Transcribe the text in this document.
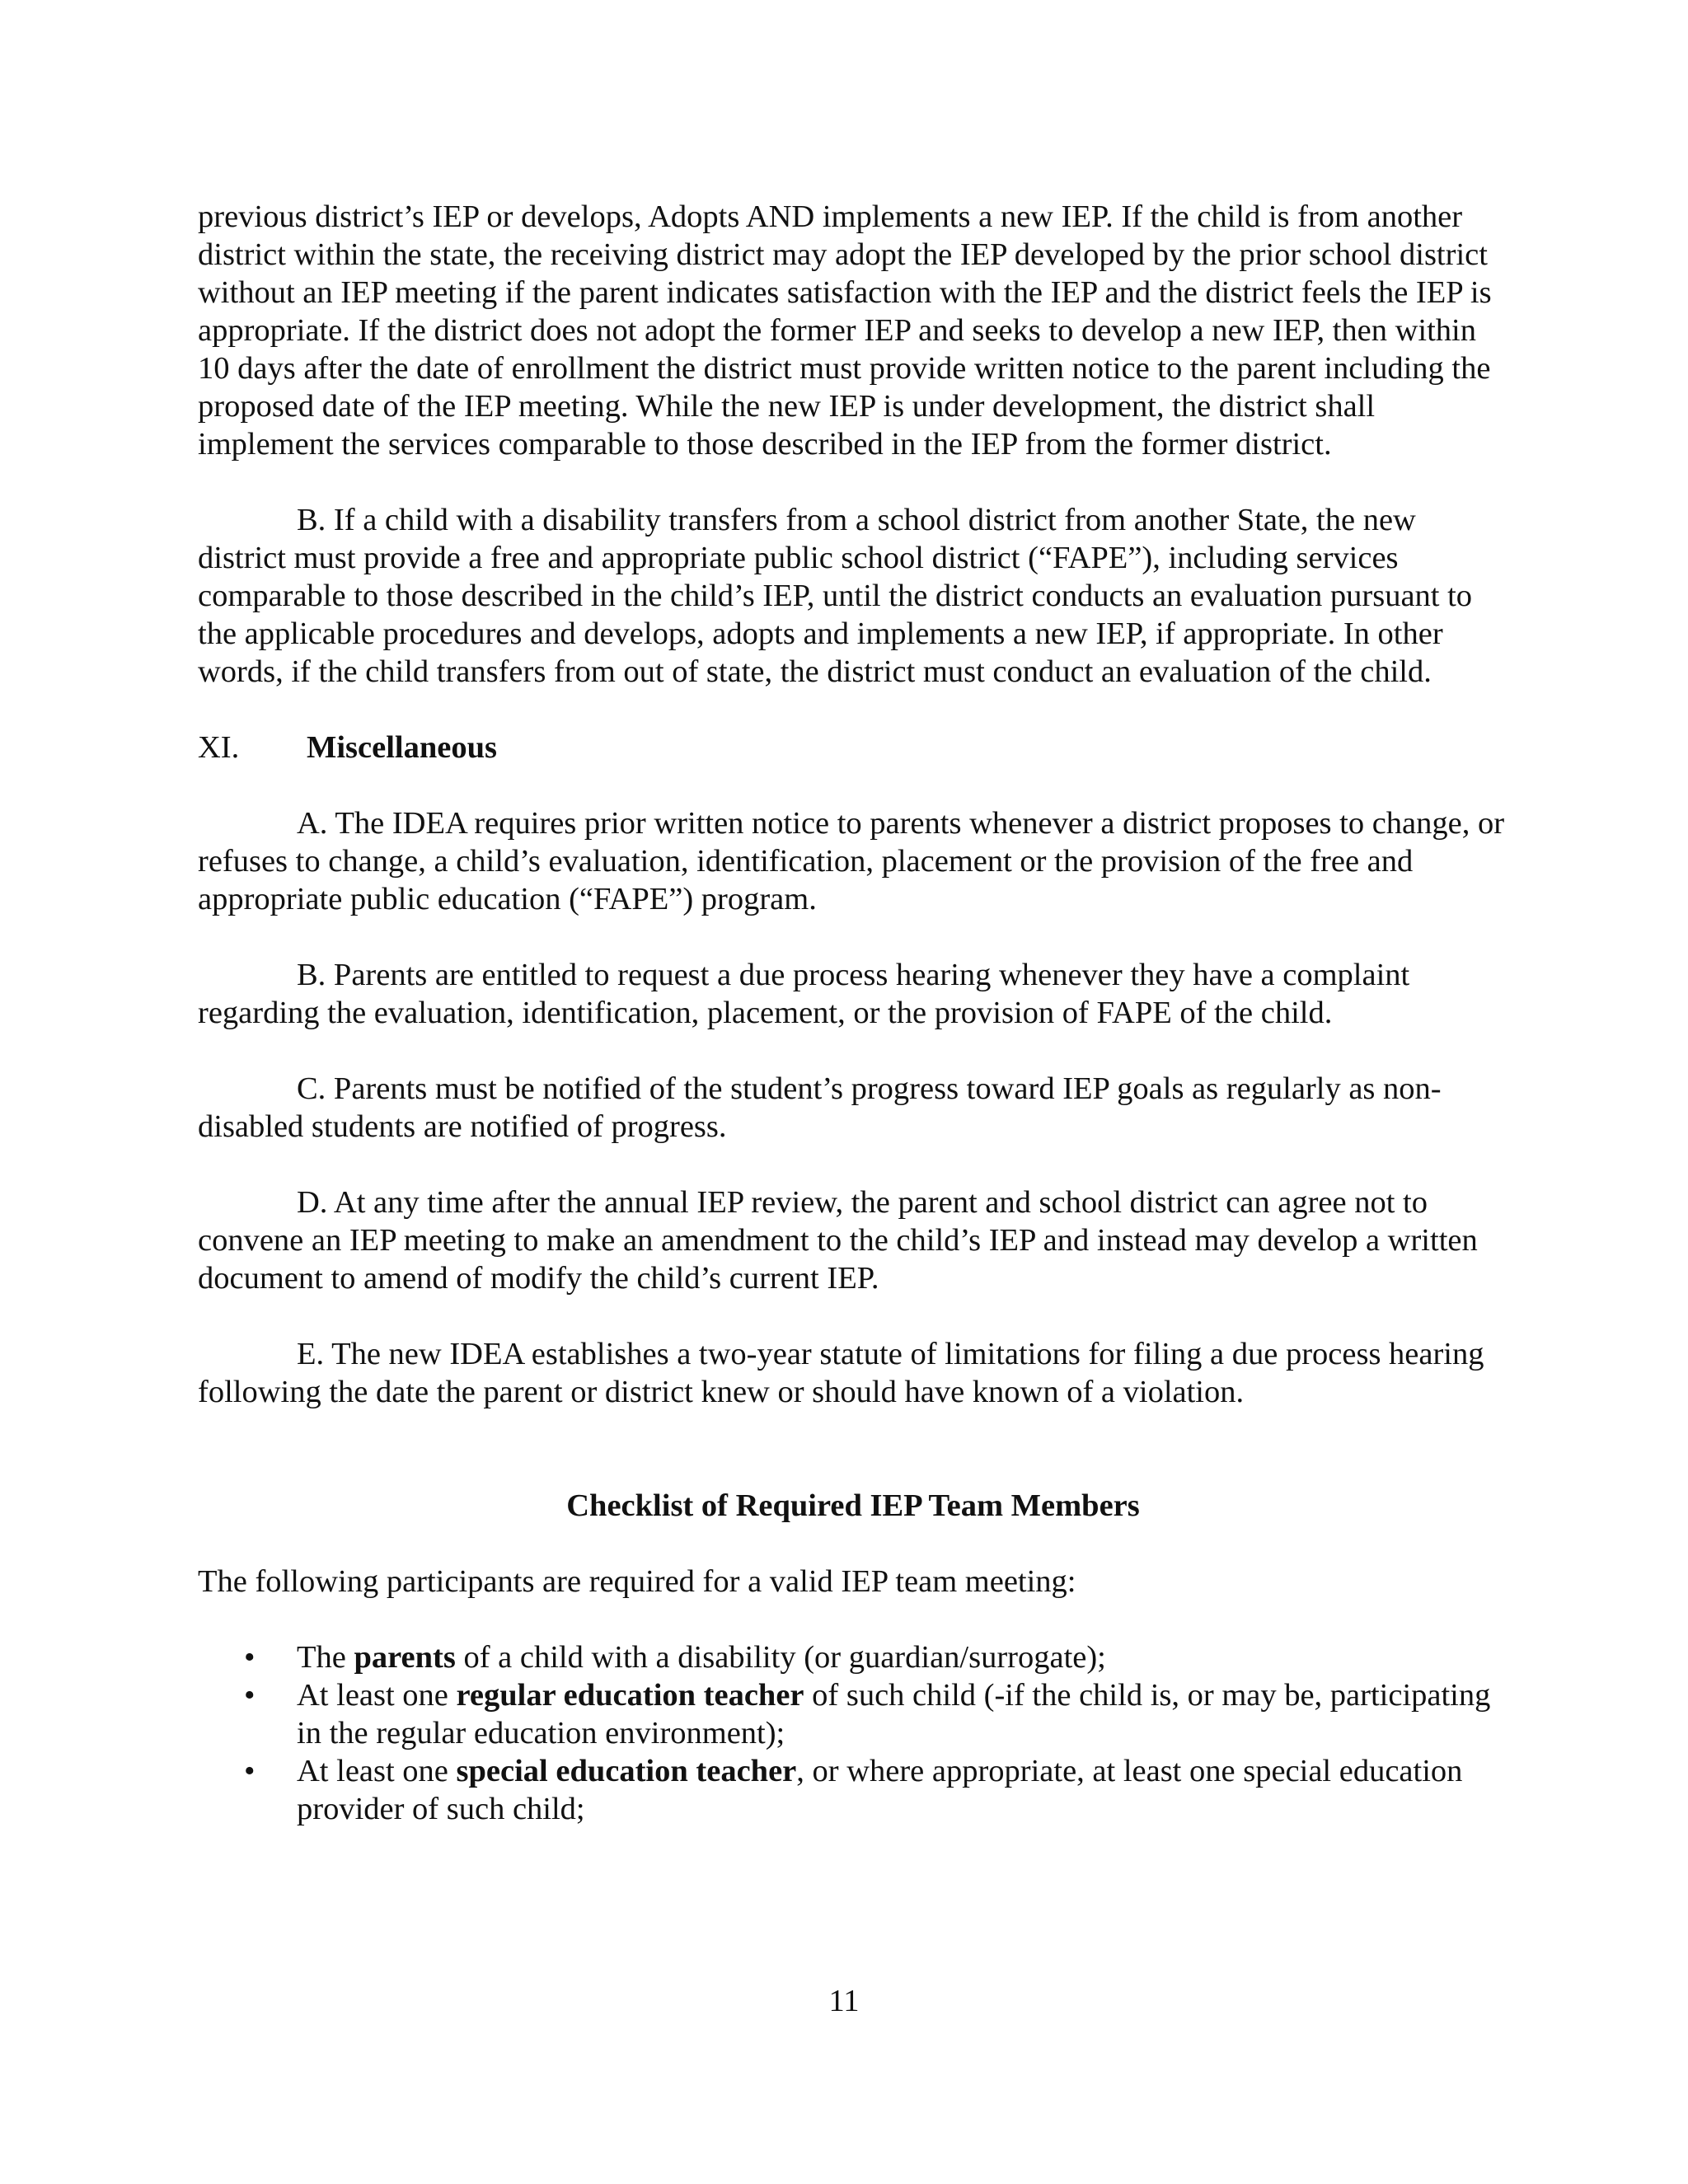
previous district’s IEP or develops, Adopts AND implements a new IEP. If the child is from another district within the state, the receiving district may adopt the IEP developed by the prior school district without an IEP meeting if the parent indicates satisfaction with the IEP and the district feels the IEP is appropriate. If the district does not adopt the former IEP and seeks to develop a new IEP, then within 10 days after the date of enrollment the district must provide written notice to the parent including the proposed date of the IEP meeting. While the new IEP is under development, the district shall implement the services comparable to those described in the IEP from the former district.

B. If a child with a disability transfers from a school district from another State, the new district must provide a free and appropriate public school district (“FAPE”), including services comparable to those described in the child’s IEP, until the district conducts an evaluation pursuant to the applicable procedures and develops, adopts and implements a new IEP, if appropriate. In other words, if the child transfers from out of state, the district must conduct an evaluation of the child.

XI. Miscellaneous

A. The IDEA requires prior written notice to parents whenever a district proposes to change, or refuses to change, a child’s evaluation, identification, placement or the provision of the free and appropriate public education (“FAPE”) program.

B. Parents are entitled to request a due process hearing whenever they have a complaint regarding the evaluation, identification, placement, or the provision of FAPE of the child.

C. Parents must be notified of the student’s progress toward IEP goals as regularly as non-disabled students are notified of progress.

D. At any time after the annual IEP review, the parent and school district can agree not to convene an IEP meeting to make an amendment to the child’s IEP and instead may develop a written document to amend of modify the child’s current IEP.

E. The new IDEA establishes a two-year statute of limitations for filing a due process hearing following the date the parent or district knew or should have known of a violation.

Checklist of Required IEP Team Members

The following participants are required for a valid IEP team meeting:

• The parents of a child with a disability (or guardian/surrogate);
• At least one regular education teacher of such child (-if the child is, or may be, participating in the regular education environment);
• At least one special education teacher, or where appropriate, at least one special education provider of such child;
11
